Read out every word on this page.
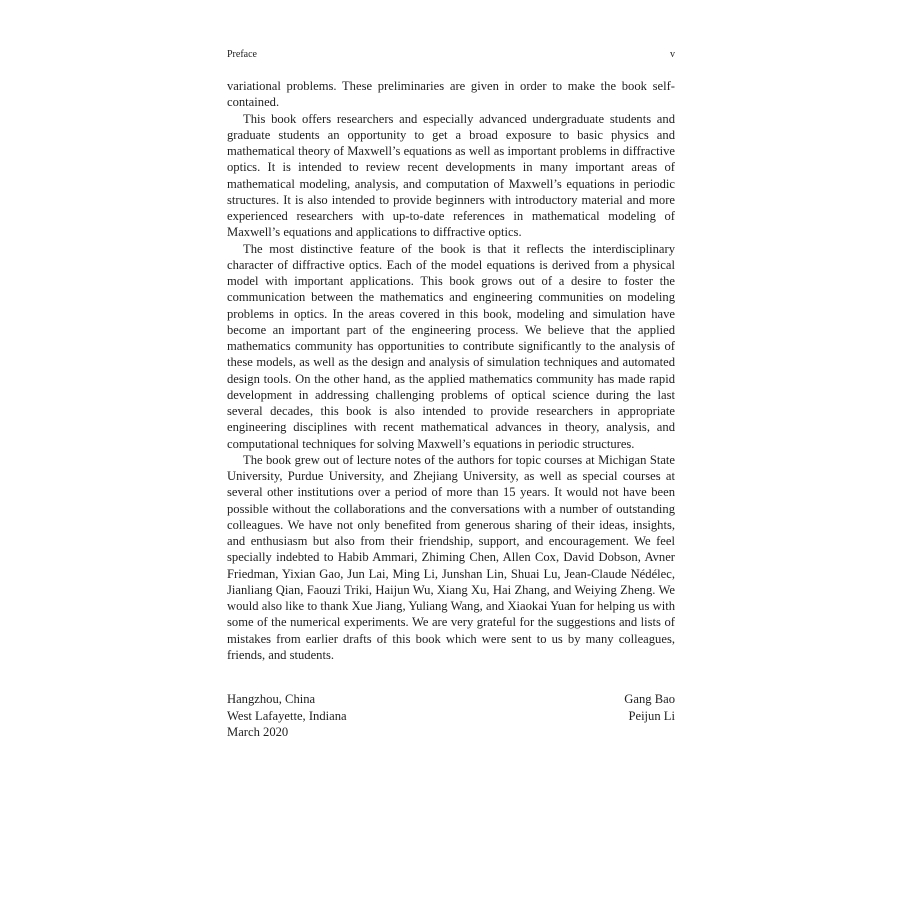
Preface	v

variational problems. These preliminaries are given in order to make the book self-contained.

This book offers researchers and especially advanced undergraduate students and graduate students an opportunity to get a broad exposure to basic physics and mathematical theory of Maxwell’s equations as well as important problems in diffractive optics. It is intended to review recent developments in many important areas of mathematical modeling, analysis, and computation of Maxwell’s equations in periodic structures. It is also intended to provide beginners with introductory material and more experienced researchers with up-to-date references in mathematical modeling of Maxwell’s equations and applications to diffractive optics.

The most distinctive feature of the book is that it reflects the interdisciplinary character of diffractive optics. Each of the model equations is derived from a physical model with important applications. This book grows out of a desire to foster the communication between the mathematics and engineering communities on modeling problems in optics. In the areas covered in this book, modeling and simulation have become an important part of the engineering process. We believe that the applied mathematics community has opportunities to contribute significantly to the analysis of these models, as well as the design and analysis of simulation techniques and automated design tools. On the other hand, as the applied mathematics community has made rapid development in addressing challenging problems of optical science during the last several decades, this book is also intended to provide researchers in appropriate engineering disciplines with recent mathematical advances in theory, analysis, and computational techniques for solving Maxwell’s equations in periodic structures.

The book grew out of lecture notes of the authors for topic courses at Michigan State University, Purdue University, and Zhejiang University, as well as special courses at several other institutions over a period of more than 15 years. It would not have been possible without the collaborations and the conversations with a number of outstanding colleagues. We have not only benefited from generous sharing of their ideas, insights, and enthusiasm but also from their friendship, support, and encouragement. We feel specially indebted to Habib Ammari, Zhiming Chen, Allen Cox, David Dobson, Avner Friedman, Yixian Gao, Jun Lai, Ming Li, Junshan Lin, Shuai Lu, Jean-Claude Nédélec, Jianliang Qian, Faouzi Triki, Haijun Wu, Xiang Xu, Hai Zhang, and Weiying Zheng. We would also like to thank Xue Jiang, Yuliang Wang, and Xiaokai Yuan for helping us with some of the numerical experiments. We are very grateful for the suggestions and lists of mistakes from earlier drafts of this book which were sent to us by many colleagues, friends, and students.

Hangzhou, China
West Lafayette, Indiana
March 2020
Gang Bao
Peijun Li
